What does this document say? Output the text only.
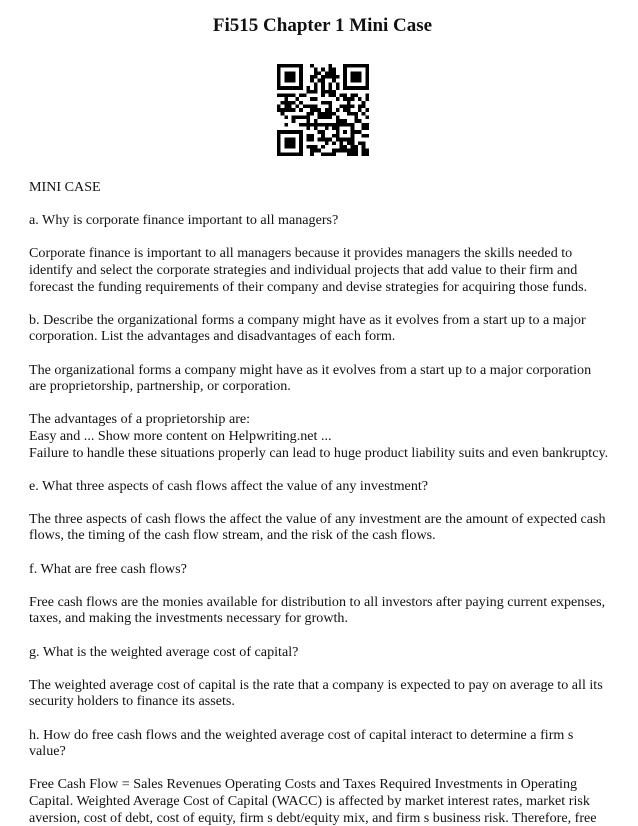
Fi515 Chapter 1 Mini Case

MINI CASE

a. Why is corporate finance important to all managers?

Corporate finance is important to all managers because it provides managers the skills needed to
identify and select the corporate strategies and individual projects that add value to their firm and
forecast the funding requirements of their company and devise strategies for acquiring those funds.

b. Describe the organizational forms a company might have as it evolves from a start up to a major
corporation. List the advantages and disadvantages of each form.

The organizational forms a company might have as it evolves from a start up to a major corporation
are proprietorship, partnership, or corporation.

The advantages of a proprietorship are:
Easy and ... Show more content on Helpwriting.net ...
Failure to handle these situations properly can lead to huge product liability suits and even bankruptcy.

e. What three aspects of cash flows affect the value of any investment?

The three aspects of cash flows the affect the value of any investment are the amount of expected cash
flows, the timing of the cash flow stream, and the risk of the cash flows.

f. What are free cash flows?

Free cash flows are the monies available for distribution to all investors after paying current expenses,
taxes, and making the investments necessary for growth.

g. What is the weighted average cost of capital?

The weighted average cost of capital is the rate that a company is expected to pay on average to all its
security holders to finance its assets.

h. How do free cash flows and the weighted average cost of capital interact to determine a firm s
value?

Free Cash Flow = Sales Revenues Operating Costs and Taxes Required Investments in Operating
Capital. Weighted Average Cost of Capital (WACC) is affected by market interest rates, market risk
aversion, cost of debt, cost of equity, firm s debt/equity mix, and firm s business risk. Therefore, free
